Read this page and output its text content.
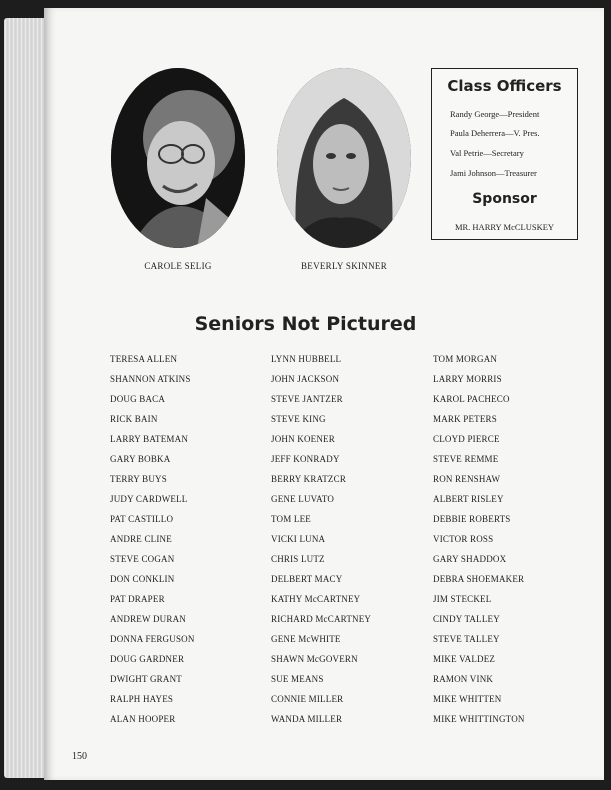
CAROLE SELIG	BEVERLY SKINNER
Class Officers
Randy George—President
Paula Deherrera—V. Pres.
Val Petrie—Secretary
Jami Johnson—Treasurer
Sponsor
MR. HARRY McCLUSKEY
Seniors Not Pictured
TERESA ALLEN
SHANNON ATKINS
DOUG BACA
RICK BAIN
LARRY BATEMAN
GARY BOBKA
TERRY BUYS
JUDY CARDWELL
PAT CASTILLO
ANDRE CLINE
STEVE COGAN
DON CONKLIN
PAT DRAPER
ANDREW DURAN
DONNA FERGUSON
DOUG GARDNER
DWIGHT GRANT
RALPH HAYES
ALAN HOOPER
LYNN HUBBELL
JOHN JACKSON
STEVE JANTZER
STEVE KING
JOHN KOENER
JEFF KONRADY
BERRY KRATZCR
GENE LUVATO
TOM LEE
VICKI LUNA
CHRIS LUTZ
DELBERT MACY
KATHY McCARTNEY
RICHARD McCARTNEY
GENE McWHITE
SHAWN McGOVERN
SUE MEANS
CONNIE MILLER
WANDA MILLER
TOM MORGAN
LARRY MORRIS
KAROL PACHECO
MARK PETERS
CLOYD PIERCE
STEVE REMME
RON RENSHAW
ALBERT RISLEY
DEBBIE ROBERTS
VICTOR ROSS
GARY SHADDOX
DEBRA SHOEMAKER
JIM STECKEL
CINDY TALLEY
STEVE TALLEY
MIKE VALDEZ
RAMON VINK
MIKE WHITTEN
MIKE WHITTINGTON
150
